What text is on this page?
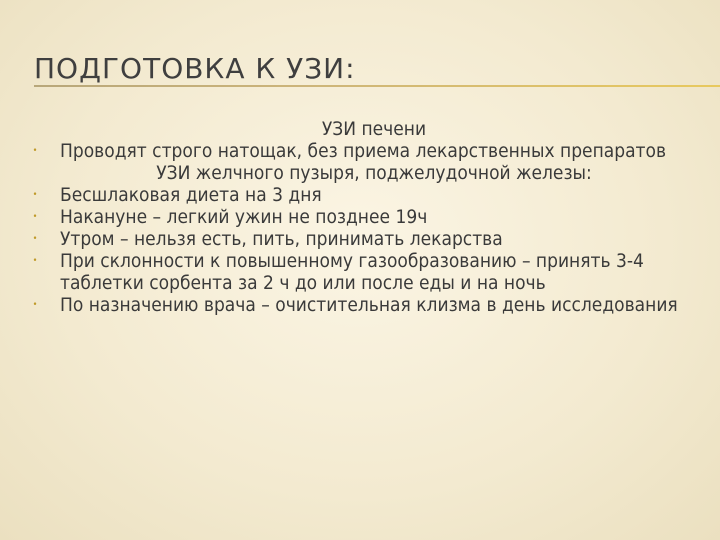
ПОДГОТОВКА К УЗИ:
УЗИ печени
• Проводят строго натощак, без приема лекарственных препаратов
УЗИ желчного пузыря, поджелудочной железы:
• Бесшлаковая диета на 3 дня
• Накануне – легкий ужин не позднее 19ч
• Утром – нельзя есть, пить, принимать лекарства
• При склонности к повышенному газообразованию – принять 3-4 таблетки сорбента за 2 ч до или после еды и на ночь
• По назначению врача – очистительная клизма в день исследования
